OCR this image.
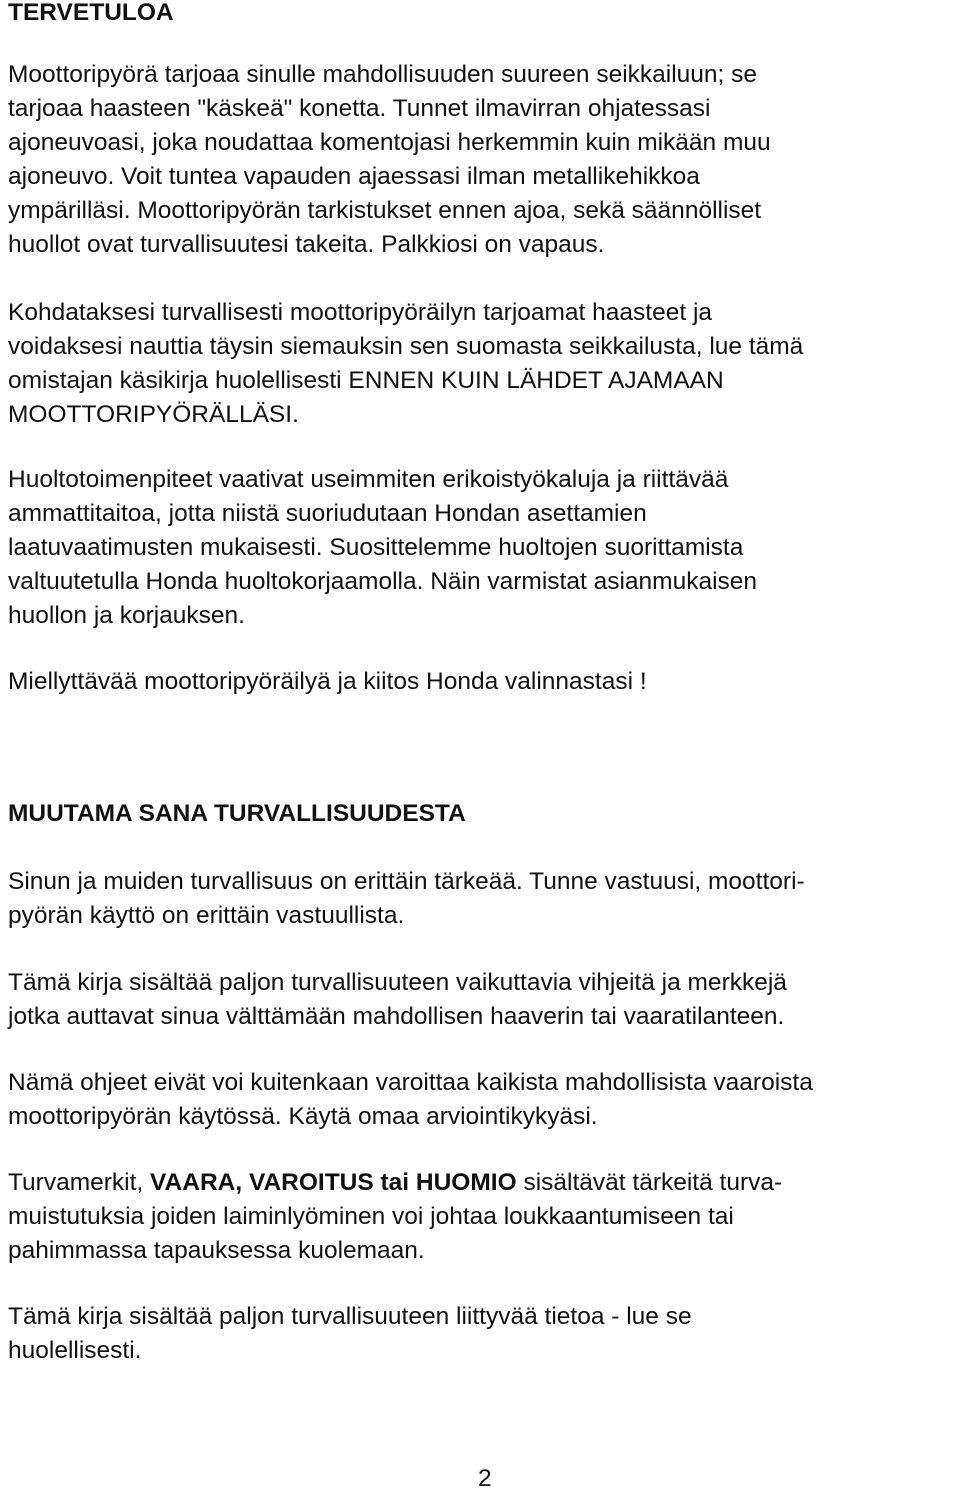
TERVETULOA

Moottoripyörä tarjoaa sinulle mahdollisuuden suureen seikkailuun; se
tarjoaa haasteen "käskeä" konetta. Tunnet ilmavirran ohjatessasi
ajoneuvoasi, joka noudattaa komentojasi herkemmin kuin mikään muu
ajoneuvo. Voit tuntea vapauden ajaessasi ilman metallikehikkoa
ympärilläsi. Moottoripyörän tarkistukset ennen ajoa, sekä säännölliset
huollot ovat turvallisuutesi takeita. Palkkiosi on vapaus.

Kohdataksesi turvallisesti moottoripyöräilyn tarjoamat haasteet ja
voidaksesi nauttia täysin siemauksin sen suomasta seikkailusta, lue tämä
omistajan käsikirja huolellisesti ENNEN KUIN LÄHDET AJAMAAN
MOOTTORIPYÖRÄLLÄSI.

Huoltotoimenpiteet vaativat useimmiten erikoistyökaluja ja riittävää
ammattitaitoa, jotta niistä suoriudutaan Hondan asettamien
laatuvaatimusten mukaisesti. Suosittelemme huoltojen suorittamista
valtuutetulla Honda huoltokorjaamolla. Näin varmistat asianmukaisen
huollon ja korjauksen.

Miellyttävää moottoripyöräilyä ja kiitos Honda valinnastasi !

MUUTAMA SANA TURVALLISUUDESTA

Sinun ja muiden turvallisuus on erittäin tärkeää. Tunne vastuusi, moottori-
pyörän käyttö on erittäin vastuullista.

Tämä kirja sisältää paljon turvallisuuteen vaikuttavia vihjeitä ja merkkejä
jotka auttavat sinua välttämään mahdollisen haaverin tai vaaratilanteen.

Nämä ohjeet eivät voi kuitenkaan varoittaa kaikista mahdollisista vaaroista
moottoripyörän käytössä. Käytä omaa arviointikykyäsi.

Turvamerkit, VAARA, VAROITUS tai HUOMIO sisältävät tärkeitä turva-
muistutuksia joiden laiminlyöminen voi johtaa loukkaantumiseen tai
pahimmassa tapauksessa kuolemaan.

Tämä kirja sisältää paljon turvallisuuteen liittyvää tietoa - lue se
huolellisesti.

2
